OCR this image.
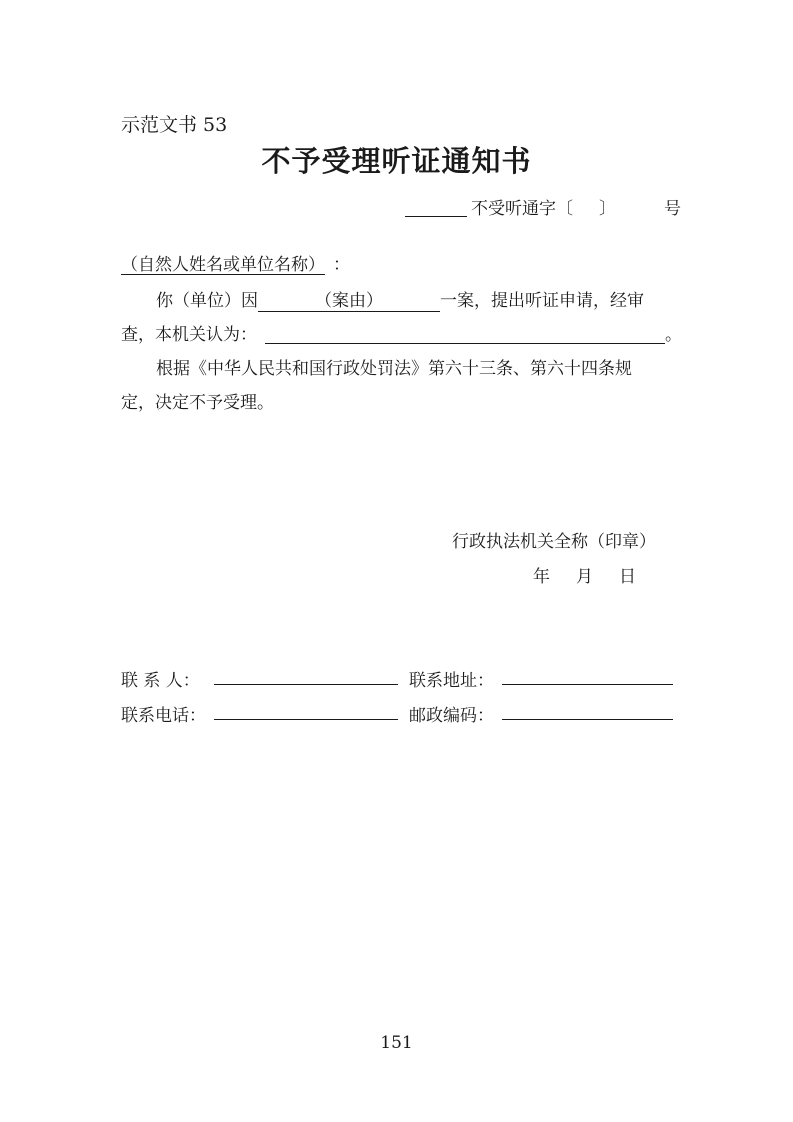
示范文书 53
不予受理听证通知书
不受听通字〔 〕	号
（自然人姓名或单位名称） ：
你（单位）因	（案由）	一案，提出听证申请，经审
查，本机关认为：	。
根据《中华人民共和国行政处罚法》第六十三条、第六十四条规
定，决定不予受理。
行政执法机关全称（印章）
年 月 日
联 系 人：	联系地址：
联系电话：	邮政编码：
151
